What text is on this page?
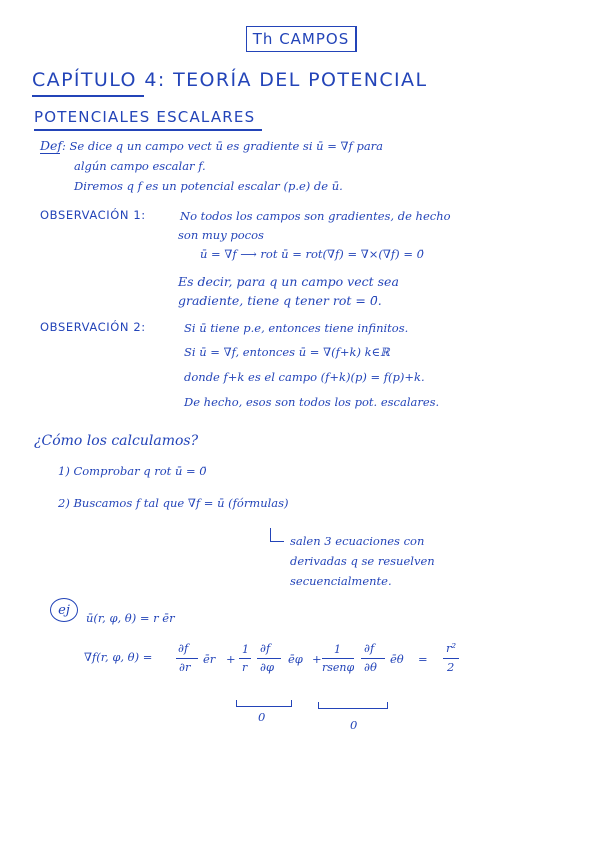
Th CAMPOS
CAPÍTULO 4: TEORÍA DEL POTENCIAL
POTENCIALES ESCALARES
Def : Se dice q un campo vect ū es gradiente si ū = ∇f para
algún campo escalar f.
Diremos q f es un potencial escalar (p.e) de ū.
OBSERVACIÓN 1:	No todos los campos son gradientes, de hecho
son muy pocos
ū = ∇f ⟶ rot ū = rot(∇f) = ∇×(∇f) = 0̄
Es decir, para q un campo vect sea
gradiente, tiene q tener rot = 0̄.
OBSERVACIÓN 2:	Si ū tiene p.e, entonces tiene infinitos.
Si ū = ∇f, entonces ū = ∇(f+k) k∈ℝ
donde f+k es el campo (f+k)(p) = f(p)+k.
De hecho, esos son todos los pot. escalares.
¿Cómo los calculamos?
1) Comprobar q rot ū = 0̄
2) Buscamos f tal que ∇f = ū (fórmulas)
salen 3 ecuaciones con
derivadas q se resuelven
secuencialmente.
ej
ū(r, φ, θ) = r ēr
∇f(r, φ, θ) =
∂f
∂r
ēr +
1
r
∂f
∂φ
ēφ +
1
rsenφ
∂f
∂θ
ēθ =
r²
2
0
0
